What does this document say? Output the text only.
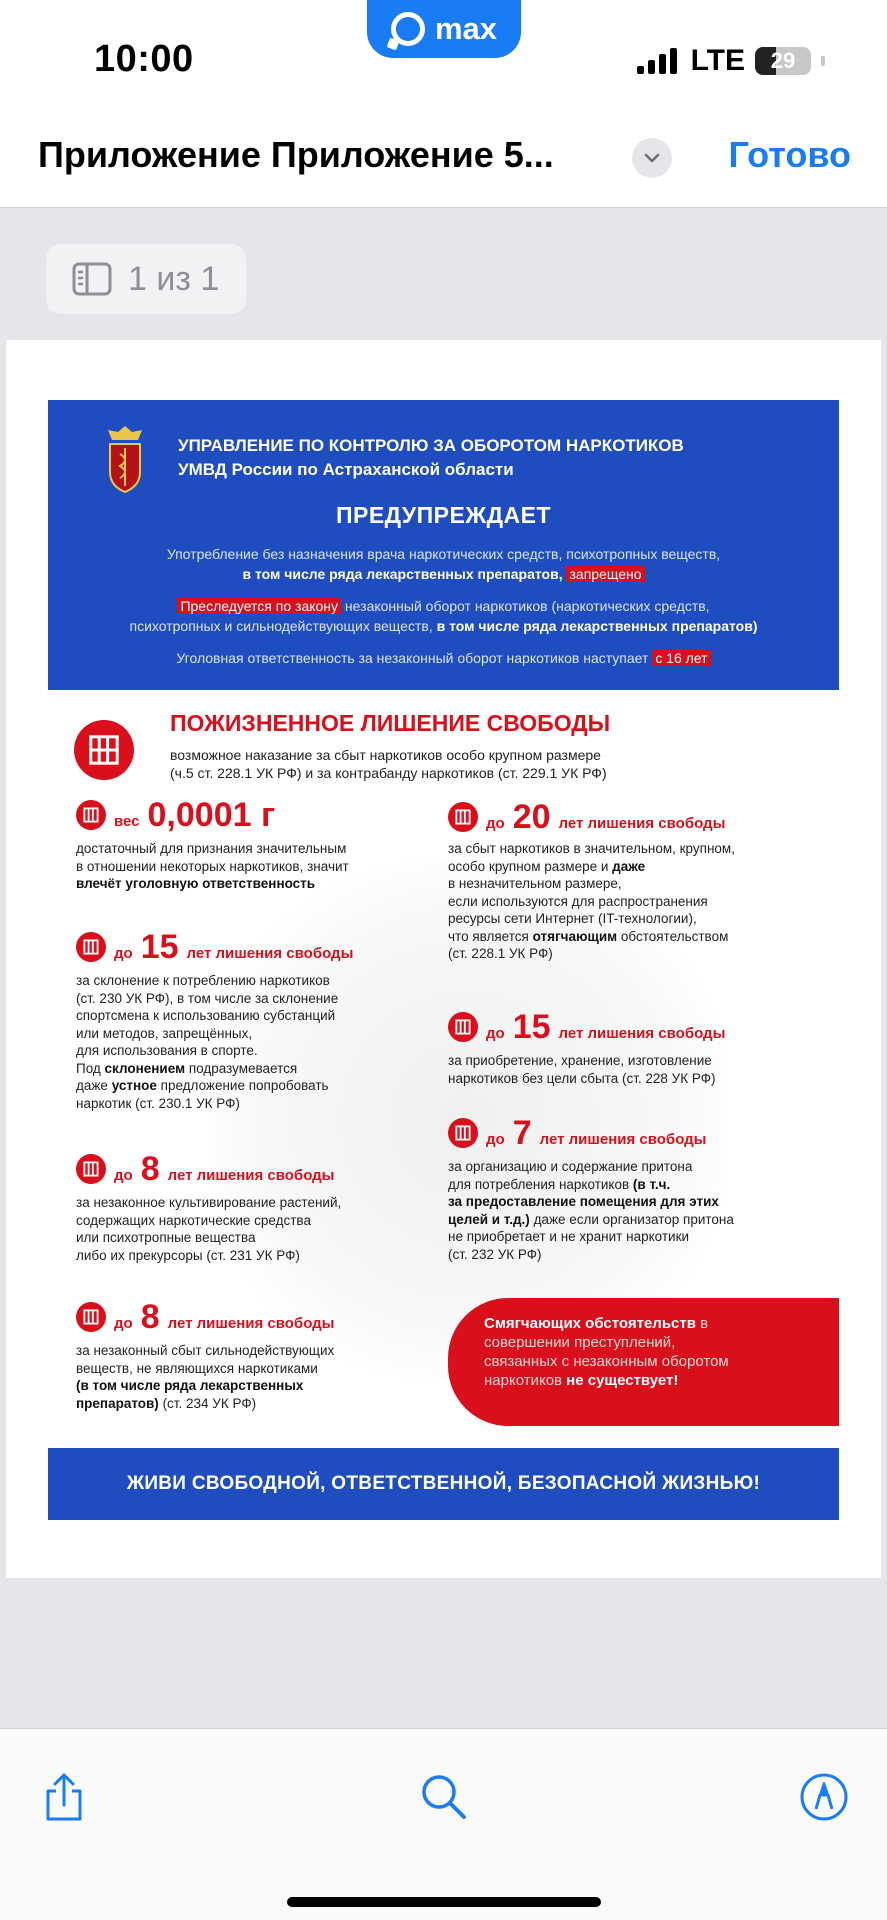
10:00
max
LTE 29
Приложение Приложение 5...	Готово
1 из 1
УПРАВЛЕНИЕ ПО КОНТРОЛЮ ЗА ОБОРОТОМ НАРКОТИКОВ
УМВД России по Астраханской области
ПРЕДУПРЕЖДАЕТ
Употребление без назначения врача наркотических средств, психотропных веществ,
в том числе ряда лекарственных препаратов, запрещено
Преследуется по закону незаконный оборот наркотиков (наркотических средств,
психотропных и сильнодействующих веществ, в том числе ряда лекарственных препаратов)
Уголовная ответственность за незаконный оборот наркотиков наступает с 16 лет
ПОЖИЗНЕННОЕ ЛИШЕНИЕ СВОБОДЫ
возможное наказание за сбыт наркотиков особо крупном размере
(ч.5 ст. 228.1 УК РФ) и за контрабанду наркотиков (ст. 229.1 УК РФ)
вес 0,0001 г
достаточный для признания значительным
в отношении некоторых наркотиков, значит
влечёт уголовную ответственность
до 15 лет лишения свободы
за склонение к потреблению наркотиков
(ст. 230 УК РФ), в том числе за склонение
спортсмена к использованию субстанций
или методов, запрещённых,
для использования в спорте.
Под склонением подразумевается
даже устное предложение попробовать
наркотик (ст. 230.1 УК РФ)
до 8 лет лишения свободы
за незаконное культивирование растений,
содержащих наркотические средства
или психотропные вещества
либо их прекурсоры (ст. 231 УК РФ)
до 8 лет лишения свободы
за незаконный сбыт сильнодействующих
веществ, не являющихся наркотиками
(в том числе ряда лекарственных
препаратов) (ст. 234 УК РФ)
до 20 лет лишения свободы
за сбыт наркотиков в значительном, крупном,
особо крупном размере и даже
в незначительном размере,
если используются для распространения
ресурсы сети Интернет (IT-технологии),
что является отягчающим обстоятельством
(ст. 228.1 УК РФ)
до 15 лет лишения свободы
за приобретение, хранение, изготовление
наркотиков без цели сбыта (ст. 228 УК РФ)
до 7 лет лишения свободы
за организацию и содержание притона
для потребления наркотиков (в т.ч.
за предоставление помещения для этих
целей и т.д.) даже если организатор притона
не приобретает и не хранит наркотики
(ст. 232 УК РФ)
Смягчающих обстоятельств в
совершении преступлений,
связанных с незаконным оборотом
наркотиков не существует!
ЖИВИ СВОБОДНОЙ, ОТВЕТСТВЕННОЙ, БЕЗОПАСНОЙ ЖИЗНЬЮ!
